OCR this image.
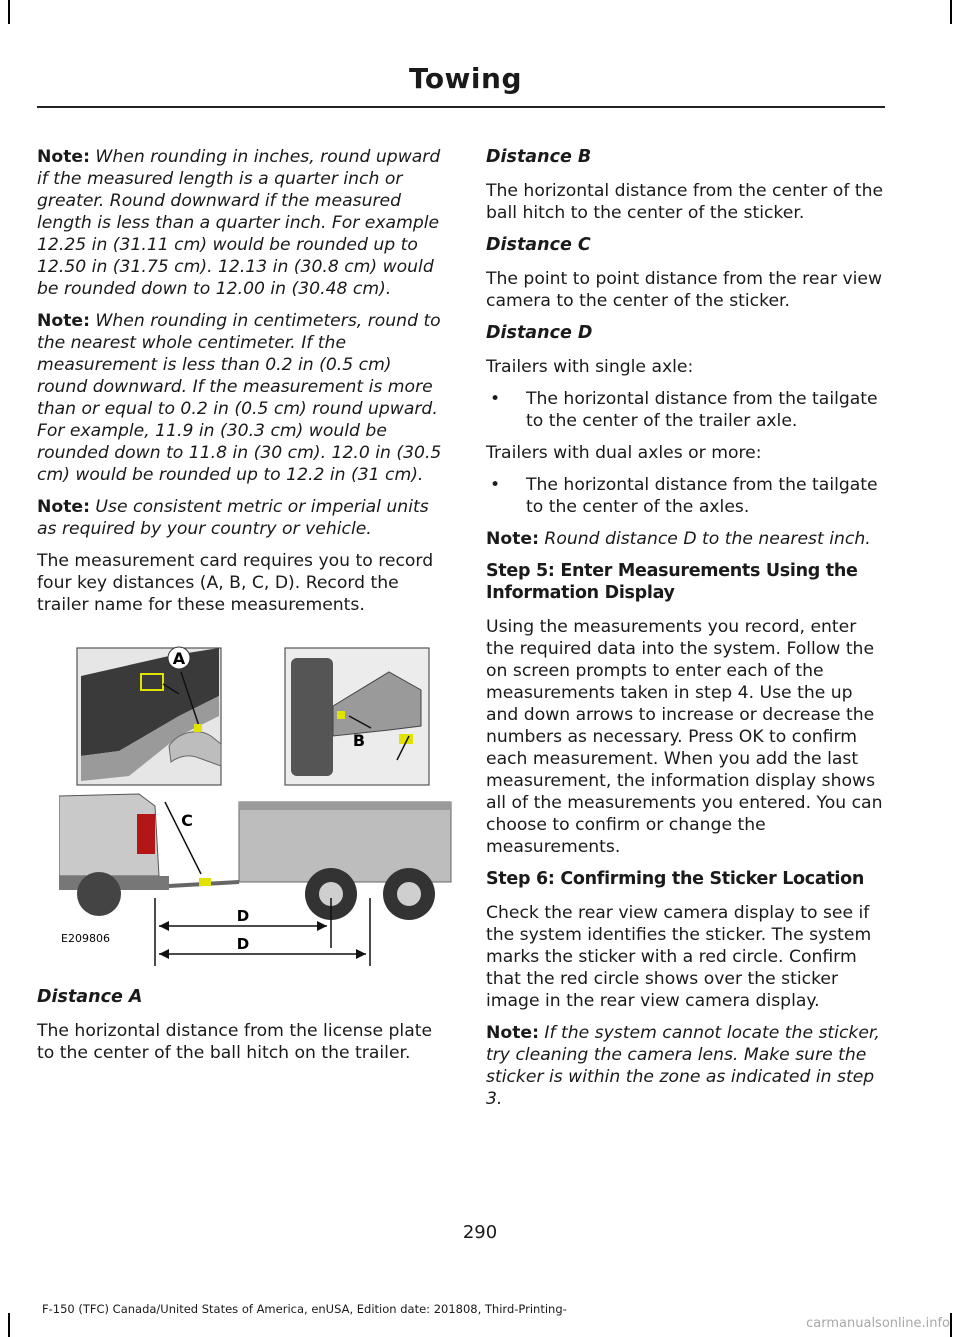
Towing

Note: When rounding in inches, round upward if the measured length is a quarter inch or greater. Round downward if the measured length is less than a quarter inch. For example 12.25 in (31.11 cm) would be rounded up to 12.50 in (31.75 cm). 12.13 in (30.8 cm) would be rounded down to 12.00 in (30.48 cm).

Note: When rounding in centimeters, round to the nearest whole centimeter. If the measurement is less than 0.2 in (0.5 cm) round downward. If the measurement is more than or equal to 0.2 in (0.5 cm) round upward. For example, 11.9 in (30.3 cm) would be rounded down to 11.8 in (30 cm). 12.0 in (30.5 cm) would be rounded up to 12.2 in (31 cm).

Note: Use consistent metric or imperial units as required by your country or vehicle.

The measurement card requires you to record four key distances (A, B, C, D). Record the trailer name for these measurements.

A
B
C
D
D
E209806

Distance A

The horizontal distance from the license plate to the center of the ball hitch on the trailer.

Distance B

The horizontal distance from the center of the ball hitch to the center of the sticker.

Distance C

The point to point distance from the rear view camera to the center of the sticker.

Distance D

Trailers with single axle:

•	The horizontal distance from the tailgate to the center of the trailer axle.

Trailers with dual axles or more:

•	The horizontal distance from the tailgate to the center of the axles.

Note: Round distance D to the nearest inch.

Step 5: Enter Measurements Using the Information Display

Using the measurements you record, enter the required data into the system. Follow the on screen prompts to enter each of the measurements taken in step 4. Use the up and down arrows to increase or decrease the numbers as necessary. Press OK to confirm each measurement. When you add the last measurement, the information display shows all of the measurements you entered. You can choose to confirm or change the measurements.

Step 6: Confirming the Sticker Location

Check the rear view camera display to see if the system identifies the sticker. The system marks the sticker with a red circle. Confirm that the red circle shows over the sticker image in the rear view camera display.

Note: If the system cannot locate the sticker, try cleaning the camera lens. Make sure the sticker is within the zone as indicated in step 3.

290
F-150 (TFC) Canada/United States of America, enUSA, Edition date: 201808, Third-Printing-
carmanualsonline.info
